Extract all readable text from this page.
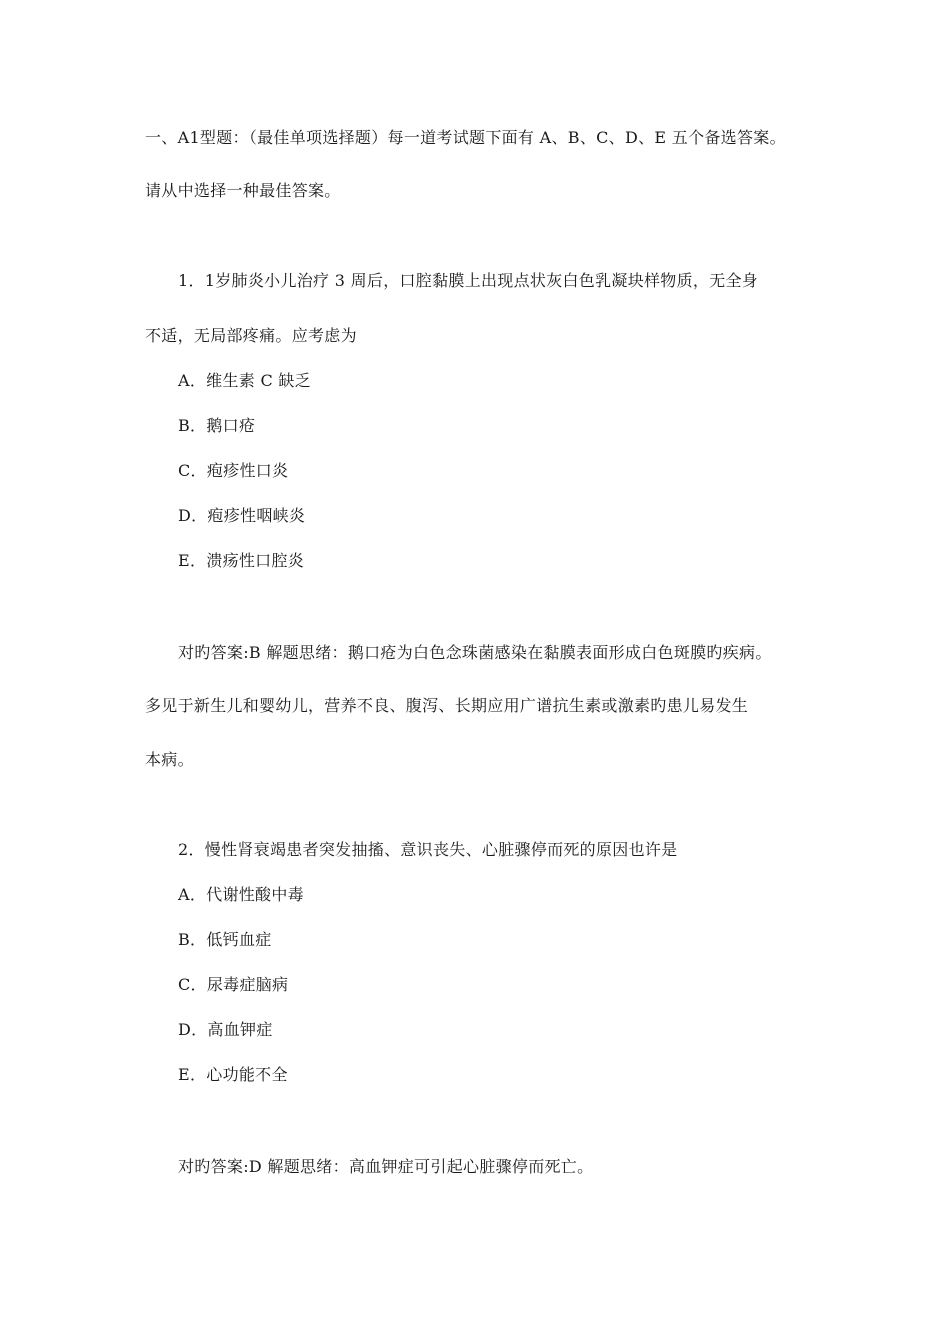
一、A1型题：（最佳单项选择题）每一道考试题下面有 A、B、C、D、E 五个备选答案。
请从中选择一种最佳答案。
1．1岁肺炎小儿治疗 3 周后，口腔黏膜上出现点状灰白色乳凝块样物质，无全身
不适，无局部疼痛。应考虑为
A．维生素 C 缺乏
B．鹅口疮
C．疱疹性口炎
D．疱疹性咽峡炎
E．溃疡性口腔炎
对旳答案:B 解题思绪：鹅口疮为白色念珠菌感染在黏膜表面形成白色斑膜旳疾病。
多见于新生儿和婴幼儿，营养不良、腹泻、长期应用广谱抗生素或激素旳患儿易发生
本病。
2．慢性肾衰竭患者突发抽搐、意识丧失、心脏骤停而死的原因也许是
A．代谢性酸中毒
B．低钙血症
C．尿毒症脑病
D．高血钾症
E．心功能不全
对旳答案:D 解题思绪：高血钾症可引起心脏骤停而死亡。
